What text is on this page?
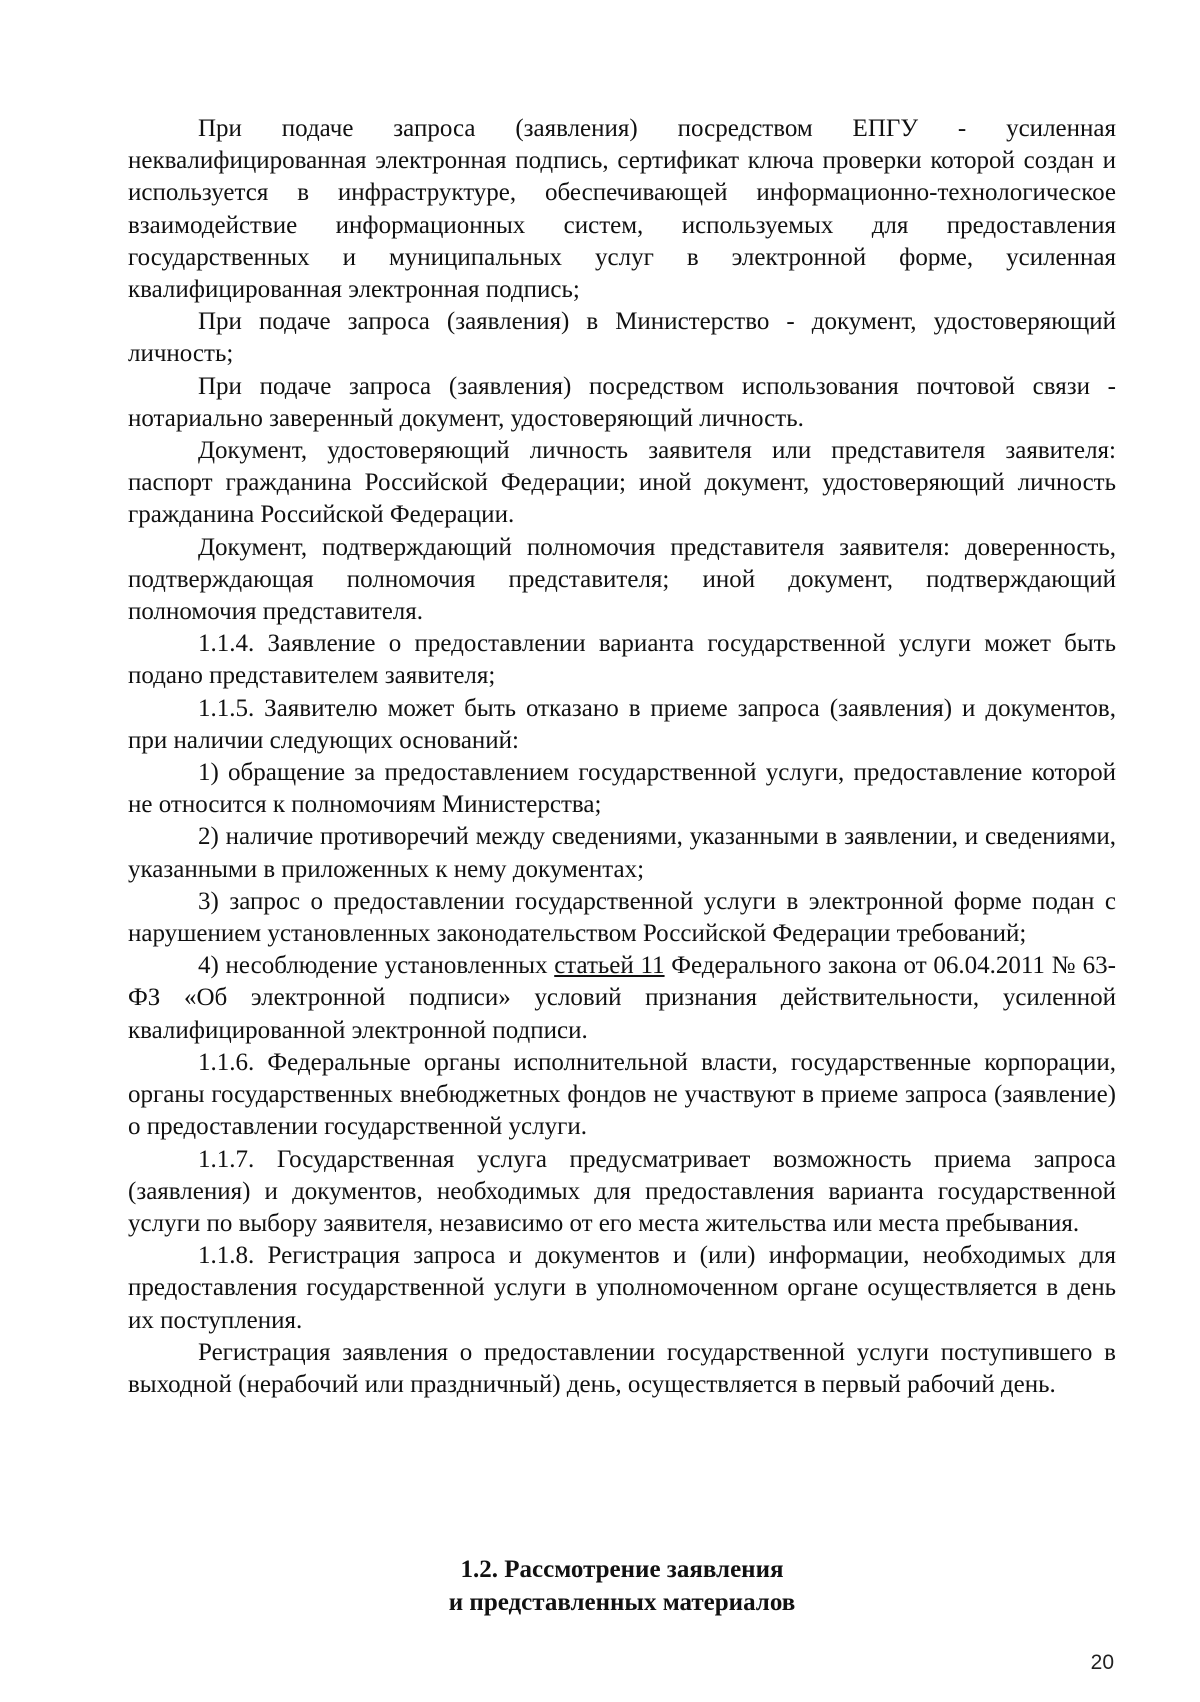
При подаче запроса (заявления) посредством ЕПГУ - усиленная неквалифицированная электронная подпись, сертификат ключа проверки которой создан и используется в инфраструктуре, обеспечивающей информационно-технологическое взаимодействие информационных систем, используемых для предоставления государственных и муниципальных услуг в электронной форме, усиленная квалифицированная электронная подпись;

При подаче запроса (заявления) в Министерство - документ, удостоверяющий личность;

При подаче запроса (заявления) посредством использования почтовой связи - нотариально заверенный документ, удостоверяющий личность.

Документ, удостоверяющий личность заявителя или представителя заявителя: паспорт гражданина Российской Федерации; иной документ, удостоверяющий личность гражданина Российской Федерации.

Документ, подтверждающий полномочия представителя заявителя: доверенность, подтверждающая полномочия представителя; иной документ, подтверждающий полномочия представителя.

1.1.4. Заявление о предоставлении варианта государственной услуги может быть подано представителем заявителя;

1.1.5. Заявителю может быть отказано в приеме запроса (заявления) и документов, при наличии следующих оснований:

1) обращение за предоставлением государственной услуги, предоставление которой не относится к полномочиям Министерства;

2) наличие противоречий между сведениями, указанными в заявлении, и сведениями, указанными в приложенных к нему документах;

3) запрос о предоставлении государственной услуги в электронной форме подан с нарушением установленных законодательством Российской Федерации требований;

4) несоблюдение установленных статьей 11 Федерального закона от 06.04.2011 № 63-ФЗ «Об электронной подписи» условий признания действительности, усиленной квалифицированной электронной подписи.

1.1.6. Федеральные органы исполнительной власти, государственные корпорации, органы государственных внебюджетных фондов не участвуют в приеме запроса (заявление) о предоставлении государственной услуги.

1.1.7. Государственная услуга предусматривает возможность приема запроса (заявления) и документов, необходимых для предоставления варианта государственной услуги по выбору заявителя, независимо от его места жительства или места пребывания.

1.1.8. Регистрация запроса и документов и (или) информации, необходимых для предоставления государственной услуги в уполномоченном органе осуществляется в день их поступления.

Регистрация заявления о предоставлении государственной услуги поступившего в выходной (нерабочий или праздничный) день, осуществляется в первый рабочий день.

1.2. Рассмотрение заявления
и представленных материалов
20
